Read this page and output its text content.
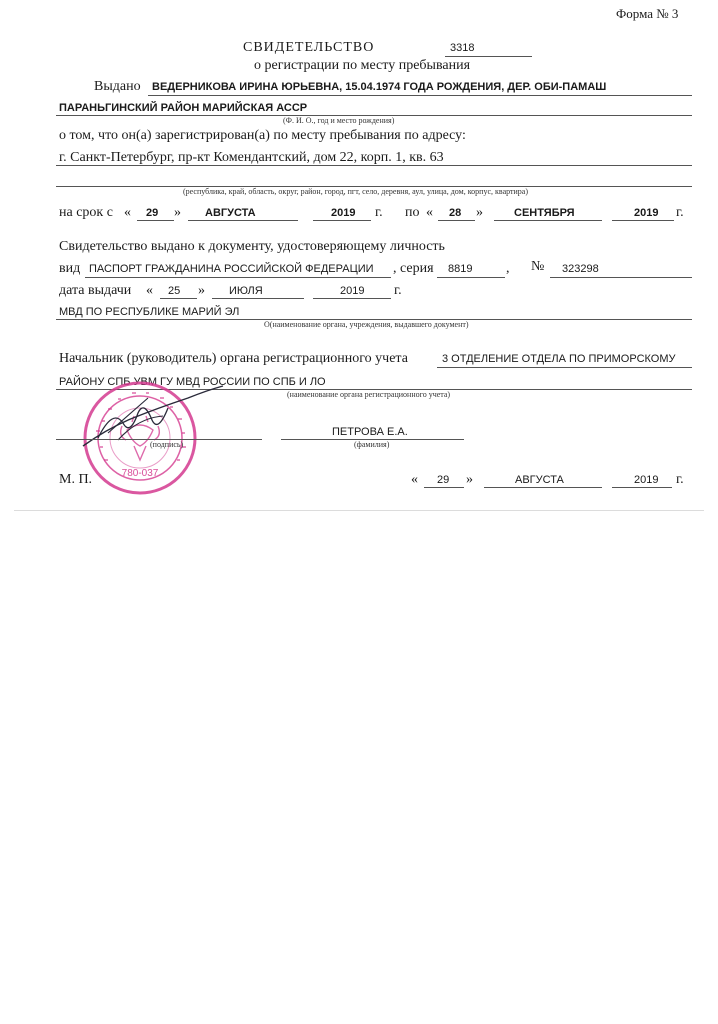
Форма № 3
СВИДЕТЕЛЬСТВО	3318
о регистрации по месту пребывания
Выдано ВЕДЕРНИКОВА ИРИНА ЮРЬЕВНА, 15.04.1974 ГОДА РОЖДЕНИЯ, ДЕР. ОБИ-ПАМАШ
ПАРАНЬГИНСКИЙ РАЙОН МАРИЙСКАЯ АССР
(Ф. И. О., год и место рождения)
о том, что он(а) зарегистрирован(а) по месту пребывания по адресу:
г. Санкт-Петербург, пр-кт Комендантский, дом 22, корп. 1, кв. 63
(республика, край, область, округ, район, город, пгт, село, деревня, аул, улица, дом, корпус, квартира)
на срок с « 29 » АВГУСТА	2019 г. по « 28 »	СЕНТЯБРЯ	2019 г.
Свидетельство выдано к документу, удостоверяющему личность
вид ПАСПОРТ ГРАЖДАНИНА РОССИЙСКОЙ ФЕДЕРАЦИИ , серия 8819 , № 323298
дата выдачи « 25 » ИЮЛЯ	2019 г.
МВД ПО РЕСПУБЛИКЕ МАРИЙ ЭЛ
О(наименование органа, учреждения, выдавшего документ)
Начальник (руководитель) органа регистрационного учета	3 ОТДЕЛЕНИЕ ОТДЕЛА ПО ПРИМОРСКОМУ
РАЙОНУ СПБ УВМ ГУ МВД РОССИИ ПО СПБ И ЛО
(наименование органа регистрационного учета)
780-037
(подпись)
ПЕТРОВА Е.А.
(фамилия)
М. П.	« 29 »	АВГУСТА	2019 г.
